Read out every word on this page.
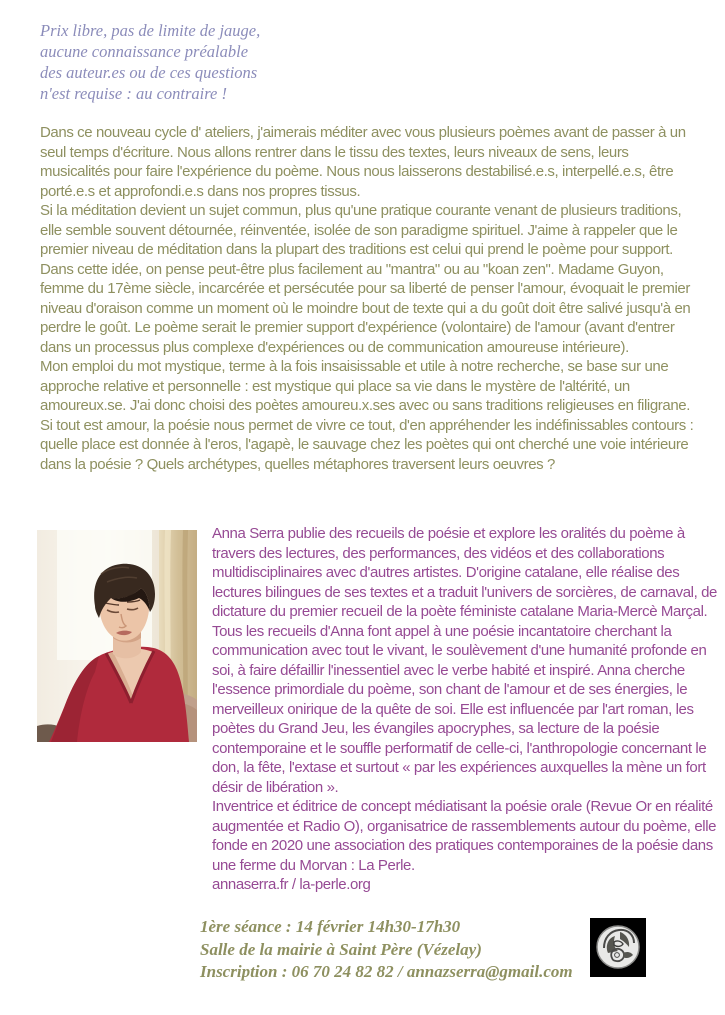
Prix libre, pas de limite de jauge,
aucune connaissance préalable
des auteur.es ou de ces questions
n'est requise : au contraire !

Dans ce nouveau cycle d' ateliers, j'aimerais méditer avec vous plusieurs poèmes avant de passer à un seul temps d'écriture. Nous allons rentrer dans le tissu des textes, leurs niveaux de sens, leurs musicalités pour faire l'expérience du poème. Nous nous laisserons destabilisé.e.s, interpellé.e.s, être porté.e.s et approfondi.e.s dans nos propres tissus.

Si la méditation devient un sujet commun, plus qu'une pratique courante venant de plusieurs traditions, elle semble souvent détournée, réinventée, isolée de son paradigme spirituel. J'aime à rappeler que le premier niveau de méditation dans la plupart des traditions est celui qui prend le poème pour support. Dans cette idée, on pense peut-être plus facilement au "mantra" ou au "koan zen". Madame Guyon, femme du 17ème siècle, incarcérée et persécutée pour sa liberté de penser l'amour, évoquait le premier niveau d'oraison comme un moment où le moindre bout de texte qui a du goût doit être salivé jusqu'à en perdre le goût. Le poème serait le premier support d'expérience (volontaire) de l'amour (avant d'entrer dans un processus plus complexe d'expériences ou de communication amoureuse intérieure).

Mon emploi du mot mystique, terme à la fois insaisissable et utile à notre recherche, se base sur une approche relative et personnelle : est mystique qui place sa vie dans le mystère de l'altérité, un amoureux.se. J'ai donc choisi des poètes amoureu.x.ses avec ou sans traditions religieuses en filigrane.

Si tout est amour, la poésie nous permet de vivre ce tout, d'en appréhender les indéfinissables contours : quelle place est donnée à l'eros, l'agapè, le sauvage chez les poètes qui ont cherché une voie intérieure dans la poésie ? Quels archétypes, quelles métaphores traversent leurs oeuvres ?

Anna Serra publie des recueils de poésie et explore les oralités du poème à travers des lectures, des performances, des vidéos et des collaborations multidisciplinaires avec d'autres artistes. D'origine catalane, elle réalise des lectures bilingues de ses textes et a traduit l'univers de sorcières, de carnaval, de dictature du premier recueil de la poète féministe catalane Maria-Mercè Marçal. Tous les recueils d'Anna font appel à une poésie incantatoire cherchant la communication avec tout le vivant, le soulèvement d'une humanité profonde en soi, à faire défaillir l'inessentiel avec le verbe habité et inspiré. Anna cherche l'essence primordiale du poème, son chant de l'amour et de ses énergies, le merveilleux onirique de la quête de soi. Elle est influencée par l'art roman, les poètes du Grand Jeu, les évangiles apocryphes, sa lecture de la poésie contemporaine et le souffle performatif de celle-ci, l'anthropologie concernant le don, la fête, l'extase et surtout « par les expériences auxquelles la mène un fort désir de libération ».

Inventrice et éditrice de concept médiatisant la poésie orale (Revue Or en réalité augmentée et Radio O), organisatrice de rassemblements autour du poème, elle fonde en 2020 une association des pratiques contemporaines de la poésie dans une ferme du Morvan : La Perle.

annaserra.fr / la-perle.org

1ère séance : 14 février 14h30-17h30
Salle de la mairie à Saint Père (Vézelay)
Inscription : 06 70 24 82 82 / annazserra@gmail.com
